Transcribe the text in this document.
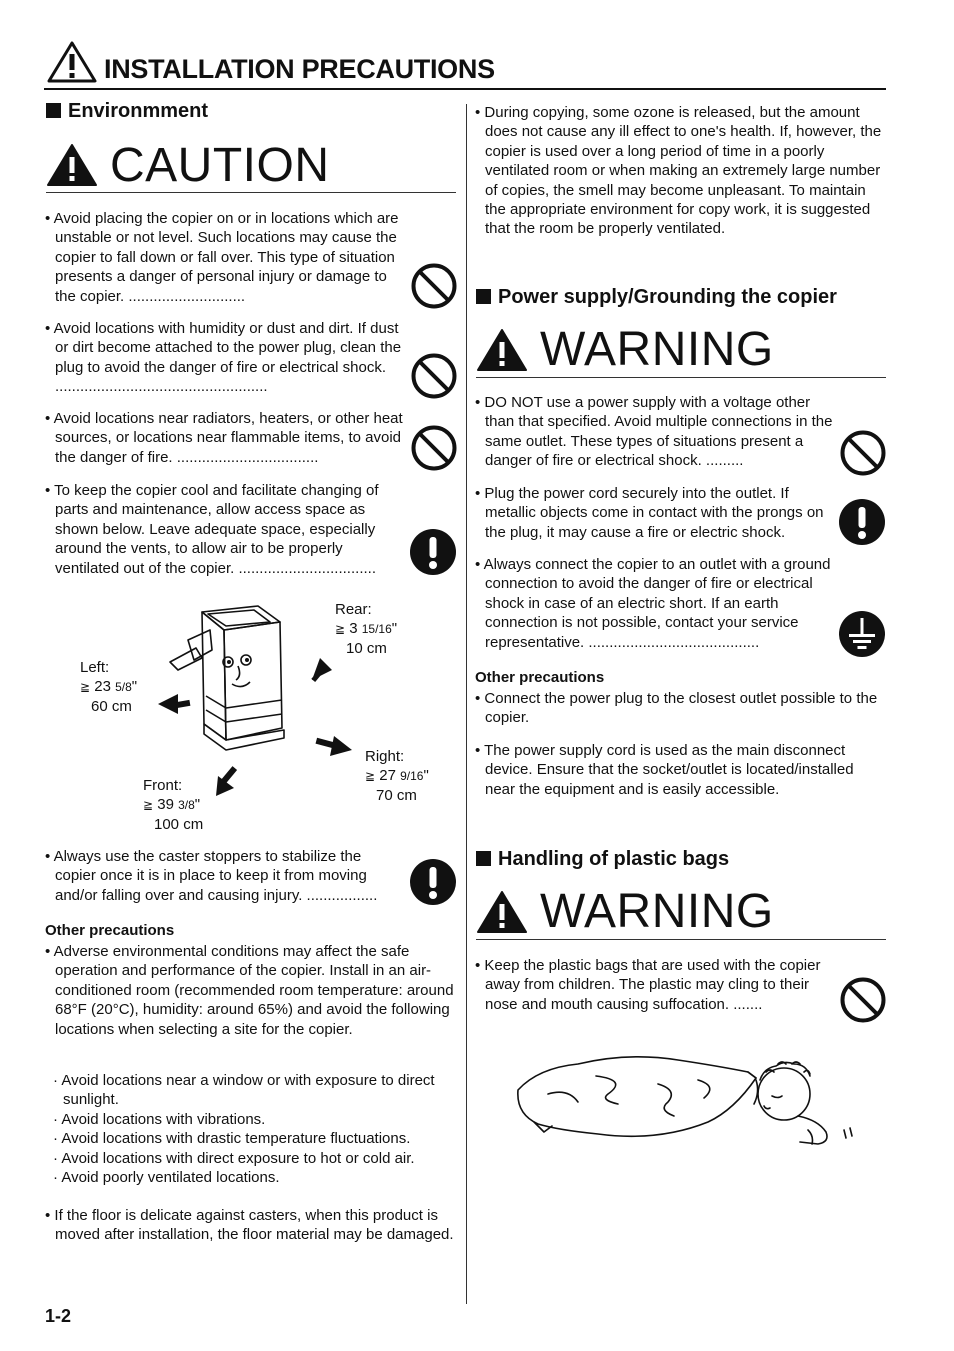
INSTALLATION PRECAUTIONS
Environmment
CAUTION
• Avoid placing the copier on or in locations which are unstable or not level. Such locations may cause the copier to fall down or fall over. This type of situation presents a danger of personal injury or damage to the copier. ............................
• Avoid locations with humidity or dust and dirt. If dust or dirt become attached to the power plug, clean the plug to avoid the danger of fire or electrical shock. ...................................................
• Avoid locations near radiators, heaters, or other heat sources, or locations near flammable items, to avoid the danger of fire. ..................................
• To keep the copier cool and facilitate changing of parts and maintenance, allow access space as shown below. Leave adequate space, especially around the vents, to allow air to be properly ventilated out of the copier. .................................
Rear:
≧ 3 15/16"
10 cm
Left:
≧ 23 5/8"
60 cm
Right:
≧ 27 9/16"
70 cm
Front:
≧ 39 3/8"
100 cm
• Always use the caster stoppers to stabilize the copier once it is in place to keep it from moving and/or falling over and causing injury. .................
Other precautions
• Adverse environmental conditions may affect the safe operation and performance of the copier. Install in an air-conditioned room (recommended room temperature: around 68°F (20°C), humidity: around 65%) and avoid the following locations when selecting a site for the copier.
· Avoid locations near a window or with exposure to direct sunlight.
· Avoid locations with vibrations.
· Avoid locations with drastic temperature fluctuations.
· Avoid locations with direct exposure to hot or cold air.
· Avoid poorly ventilated locations.
• If the floor is delicate against casters, when this product is moved after installation, the floor material may be damaged.
• During copying, some ozone is released, but the amount does not cause any ill effect to one's health. If, however, the copier is used over a long period of time in a poorly ventilated room or when making an extremely large number of copies, the smell may become unpleasant. To maintain the appropriate environment for copy work, it is suggested that the room be properly ventilated.
Power supply/Grounding the copier
WARNING
• DO NOT use a power supply with a voltage other than that specified. Avoid multiple connections in the same outlet. These types of situations present a danger of fire or electrical shock. .........
• Plug the power cord securely into the outlet. If metallic objects come in contact with the prongs on the plug, it may cause a fire or electric shock.
• Always connect the copier to an outlet with a ground connection to avoid the danger of fire or electrical shock in case of an electric short. If an earth connection is not possible, contact your service representative. .........................................
Other precautions
• Connect the power plug to the closest outlet possible to the copier.
• The power supply cord is used as the main disconnect device. Ensure that the socket/outlet is located/installed near the equipment and is easily accessible.
Handling of plastic bags
WARNING
• Keep the plastic bags that are used with the copier away from children. The plastic may cling to their nose and mouth causing suffocation. .......
1-2
